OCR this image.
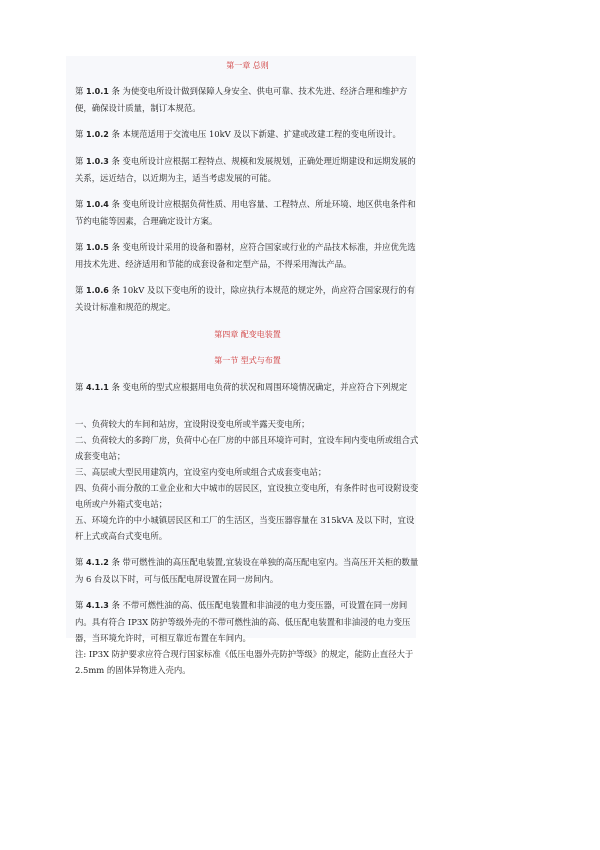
第一章 总则

第 1.0.1 条 为使变电所设计做到保障人身安全、供电可靠、技术先进、经济合理和维护方便，确保设计质量，制订本规范。

第 1.0.2 条 本规范适用于交流电压 10kV 及以下新建、扩建或改建工程的变电所设计。

第 1.0.3 条 变电所设计应根据工程特点、规模和发展规划，正确处理近期建设和远期发展的关系，远近结合，以近期为主，适当考虑发展的可能。

第 1.0.4 条 变电所设计应根据负荷性质、用电容量、工程特点、所址环境、地区供电条件和节约电能等因素，合理确定设计方案。

第 1.0.5 条 变电所设计采用的设备和器材，应符合国家或行业的产品技术标准，并应优先选用技术先进、经济适用和节能的成套设备和定型产品，不得采用淘汰产品。

第 1.0.6 条 10kV 及以下变电所的设计，除应执行本规范的规定外，尚应符合国家现行的有关设计标准和规范的规定。

第四章 配变电装置
第一节 型式与布置

第 4.1.1 条 变电所的型式应根据用电负荷的状况和周围环境情况确定，并应符合下列规定

一、负荷较大的车间和站房，宜设附设变电所或半露天变电所；

二、负荷较大的多跨厂房，负荷中心在厂房的中部且环境许可时，宜设车间内变电所或组合式成套变电站；

三、高层或大型民用建筑内，宜设室内变电所或组合式成套变电站；

四、负荷小而分散的工业企业和大中城市的居民区，宜设独立变电所，有条件时也可设附设变电所或户外箱式变电站；

五、环境允许的中小城镇居民区和工厂的生活区，当变压器容量在 315kVA 及以下时，宜设杆上式或高台式变电所。

第 4.1.2 条 带可燃性油的高压配电装置,宜装设在单独的高压配电室内。当高压开关柜的数量为 6 台及以下时，可与低压配电屏设置在同一房间内。

第 4.1.3 条 不带可燃性油的高、低压配电装置和非油浸的电力变压器，可设置在同一房间内。具有符合 IP3X 防护等级外壳的不带可燃性油的高、低压配电装置和非油浸的电力变压器，当环境允许时，可相互靠近布置在车间内。

注: IP3X 防护要求应符合现行国家标准《低压电器外壳防护等级》的规定，能防止直径大于 2.5mm 的固体异物进入壳内。
